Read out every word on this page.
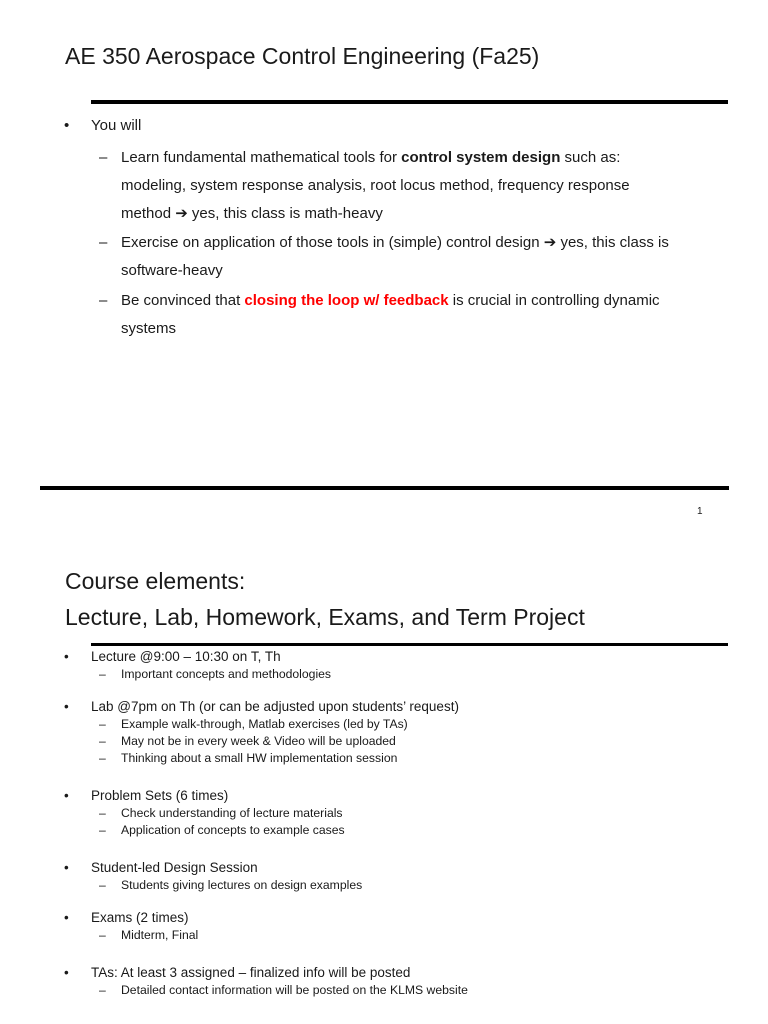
AE 350 Aerospace Control Engineering (Fa25)
• You will
– Learn fundamental mathematical tools for control system design such as:
modeling, system response analysis, root locus method, frequency response
method ➔ yes, this class is math-heavy
– Exercise on application of those tools in (simple) control design ➔ yes, this class is
software-heavy
– Be convinced that closing the loop w/ feedback is crucial in controlling dynamic
systems
1
Course elements:
Lecture, Lab, Homework, Exams, and Term Project
• Lecture @9:00 – 10:30 on T, Th
– Important concepts and methodologies
• Lab @7pm on Th (or can be adjusted upon students’ request)
– Example walk-through, Matlab exercises (led by TAs)
– May not be in every week & Video will be uploaded
– Thinking about a small HW implementation session
• Problem Sets (6 times)
– Check understanding of lecture materials
– Application of concepts to example cases
• Student-led Design Session
– Students giving lectures on design examples
• Exams (2 times)
– Midterm, Final
• TAs: At least 3 assigned – finalized info will be posted
– Detailed contact information will be posted on the KLMS website
